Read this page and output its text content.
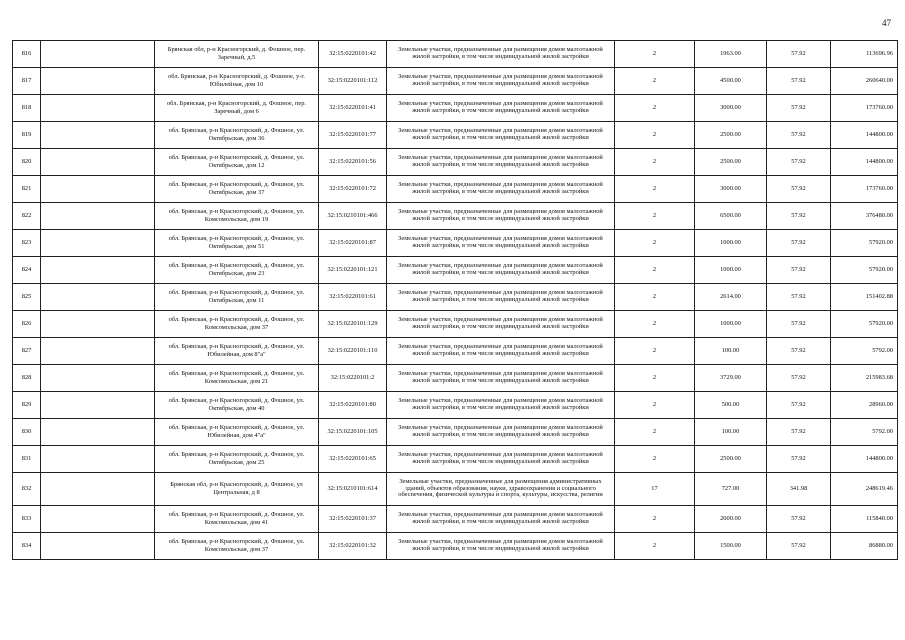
47
816		Брянская обл, р-н Красногорский, д. Фошное, пер. Заречный, д.5	32:15:0220101:42	Земельные участки, предназначенные для размещения домов малоэтажной жилой застройки, в том числе индивидуальной жилой застройки	2	1963.00	57.92	113696.96
817		обл. Брянская, р-н Красногорский, д. Фошное, у-г. Юбилейная, дом 10	32:15:0220101:112	Земельные участки, предназначенные для размещения домов малоэтажной жилой застройки, в том числе индивидуальной жилой застройки	2	4500.00	57.92	260640.00
818		обл. Брянская, р-н Красногорский, д. Фошное, пер. Заречный, дом 6	32:15:0220101:41	Земельные участки, предназначенные для размещения домов малоэтажной жилой застройки, в том числе индивидуальной жилой застройки	2	3000.00	57.92	173760.00
819		обл. Брянская, р-н Красногорский, д. Фошное, ул. Октябрьская, дом 36	32:15:0220101:77	Земельные участки, предназначенные для размещения домов малоэтажной жилой застройки, в том числе индивидуальной жилой застройки	2	2500.00	57.92	144800.00
820		обл. Брянская, р-н Красногорский, д. Фошное, ул. Октябрьская, дом 12	32:15:0220101:56	Земельные участки, предназначенные для размещения домов малоэтажной жилой застройки, в том числе индивидуальной жилой застройки	2	2500.00	57.92	144800.00
821		обл. Брянская, р-н Красногорский, д. Фошное, ул. Октябрьская, дом 37	32:15:0220101:72	Земельные участки, предназначенные для размещения домов малоэтажной жилой застройки, в том числе индивидуальной жилой застройки	2	3000.00	57.92	173760.00
822		обл. Брянская, р-н Красногорский, д. Фошное, ул. Комсомольская, дом 19	32:15:0210101:466	Земельные участки, предназначенные для размещения домов малоэтажной жилой застройки, в том числе индивидуальной жилой застройки	2	6500.00	57.92	376480.00
823		обл. Брянская, р-н Красногорский, д. Фошное, ул. Октябрьская, дом 51	32:15:0220101:87	Земельные участки, предназначенные для размещения домов малоэтажной жилой застройки, в том числе индивидуальной жилой застройки	2	1000.00	57.92	57920.00
824		обл. Брянская, р-н Красногорский, д. Фошное, ул. Октябрьская, дом 23	32:15:0220101:121	Земельные участки, предназначенные для размещения домов малоэтажной жилой застройки, в том числе индивидуальной жилой застройки	2	1000.00	57.92	57920.00
825		обл. Брянская, р-н Красногорский, д. Фошное, ул. Октябрьская, дом 11	32:15:0220101:61	Земельные участки, предназначенные для размещения домов малоэтажной жилой застройки, в том числе индивидуальной жилой застройки	2	2614.00	57.92	151402.88
826		обл. Брянская, р-н Красногорский, д. Фошное, ул. Комсомольская, дом 37	32:15:0220101:129	Земельные участки, предназначенные для размещения домов малоэтажной жилой застройки, в том числе индивидуальной жилой застройки	2	1000.00	57.92	57920.00
827		обл. Брянская, р-н Красногорский, д. Фошное, ул. Юбилейная, дом 8"а"	32:15:0220101:110	Земельные участки, предназначенные для размещения домов малоэтажной жилой застройки, в том числе индивидуальной жилой застройки	2	100.00	57.92	5792.00
828		обл. Брянская, р-н Красногорский, д. Фошное, ул. Комсомольская, дом 21	32:15:0220101:2	Земельные участки, предназначенные для размещения домов малоэтажной жилой застройки, в том числе индивидуальной жилой застройки	2	3729.00	57.92	215983.68
829		обл. Брянская, р-н Красногорский, д. Фошное, ул. Октябрьская, дом 40	32:15:0220101:80	Земельные участки, предназначенные для размещения домов малоэтажной жилой застройки, в том числе индивидуальной жилой застройки	2	500.00	57.92	28960.00
830		обл. Брянская, р-н Красногорский, д. Фошное, ул. Юбилейная, дом 4"а"	32:15:0220101:105	Земельные участки, предназначенные для размещения домов малоэтажной жилой застройки, в том числе индивидуальной жилой застройки	2	100.00	57.92	5792.00
831		обл. Брянская, р-н Красногорский, д. Фошное, ул. Октябрьская, дом 25	32:15:0220101:65	Земельные участки, предназначенные для размещения домов малоэтажной жилой застройки, в том числе индивидуальной жилой застройки	2	2500.00	57.92	144800.00
832		Брянская обл, р-н Красногорский, д. Фошное, ул Центральная, д 8	32:15:0210101:614	Земельные участки, предназначенные для размещения административных зданий, объектов образования, науки, здравоохранения и социального обеспечения, физической культуры и спорта, культуры, искусства, религии	17	727.00	341.98	248619.46
833		обл. Брянская, р-н Красногорский, д. Фошное, ул. Комсомольская, дом 41	32:15:0220101:37	Земельные участки, предназначенные для размещения домов малоэтажной жилой застройки, в том числе индивидуальной жилой застройки	2	2000.00	57.92	115840.00
834		обл. Брянская, р-н Красногорский, д. Фошное, ул. Комсомольская, дом 37	32:15:0220101:32	Земельные участки, предназначенные для размещения домов малоэтажной жилой застройки, в том числе индивидуальной жилой застройки	2	1500.00	57.92	86880.00
